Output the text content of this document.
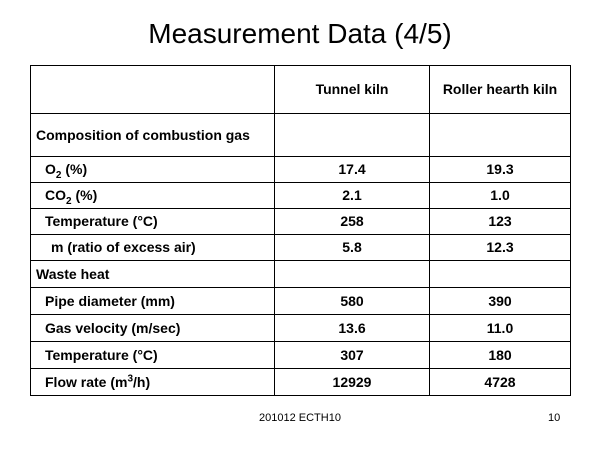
Measurement Data (4/5)
	Tunnel kiln	Roller hearth kiln
Composition of combustion gas		
$O_2$ (%)	17.4	19.3
$CO_2$ (%)	2.1	1.0
Temperature (°C)	258	123
m (ratio of excess air)	5.8	12.3
Waste heat		
Pipe diameter (mm)	580	390
Gas velocity (m/sec)	13.6	11.0
Temperature (°C)	307	180
Flow rate $(m^3/h)$	12929	4728
201012 ECTH10	10
